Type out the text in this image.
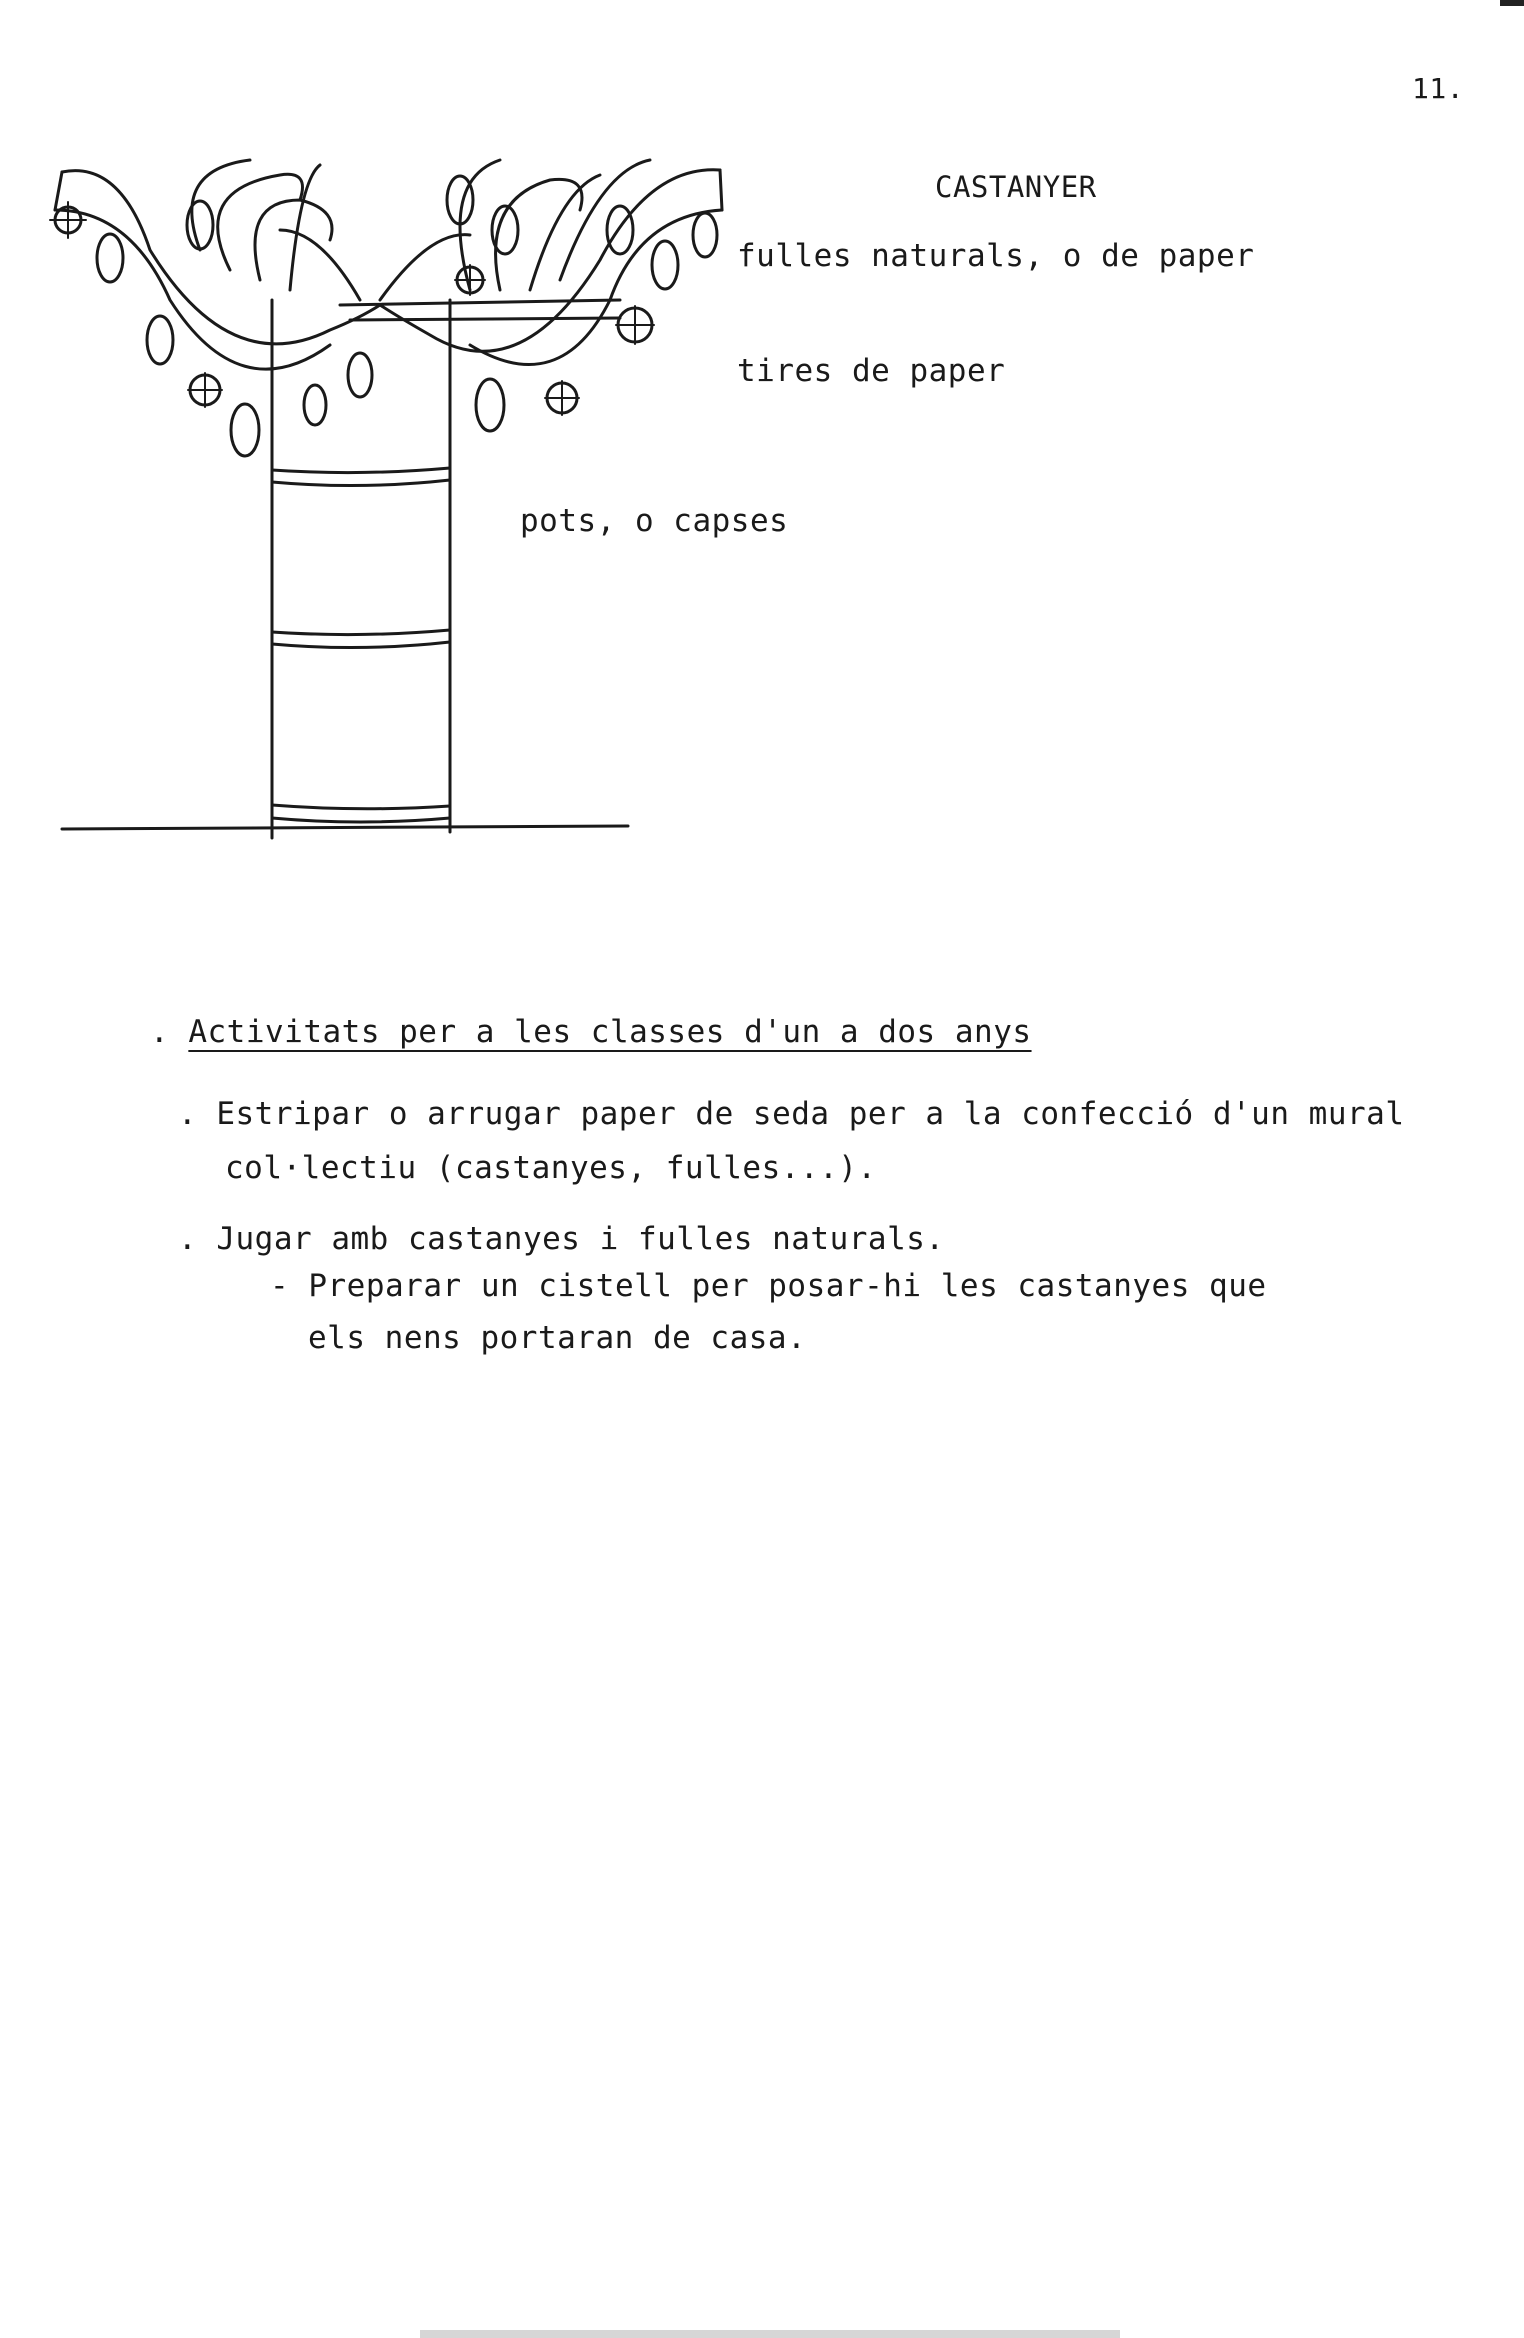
11.
CASTANYER
fulles naturals, o de paper
tires de paper
pots, o capses
. Activitats per a les classes d'un a dos anys
. Estripar o arrugar paper de seda per a la confecció d'un mural
col·lectiu (castanyes, fulles...).
. Jugar amb castanyes i fulles naturals.
- Preparar un cistell per posar-hi les castanyes que
els nens portaran de casa.
